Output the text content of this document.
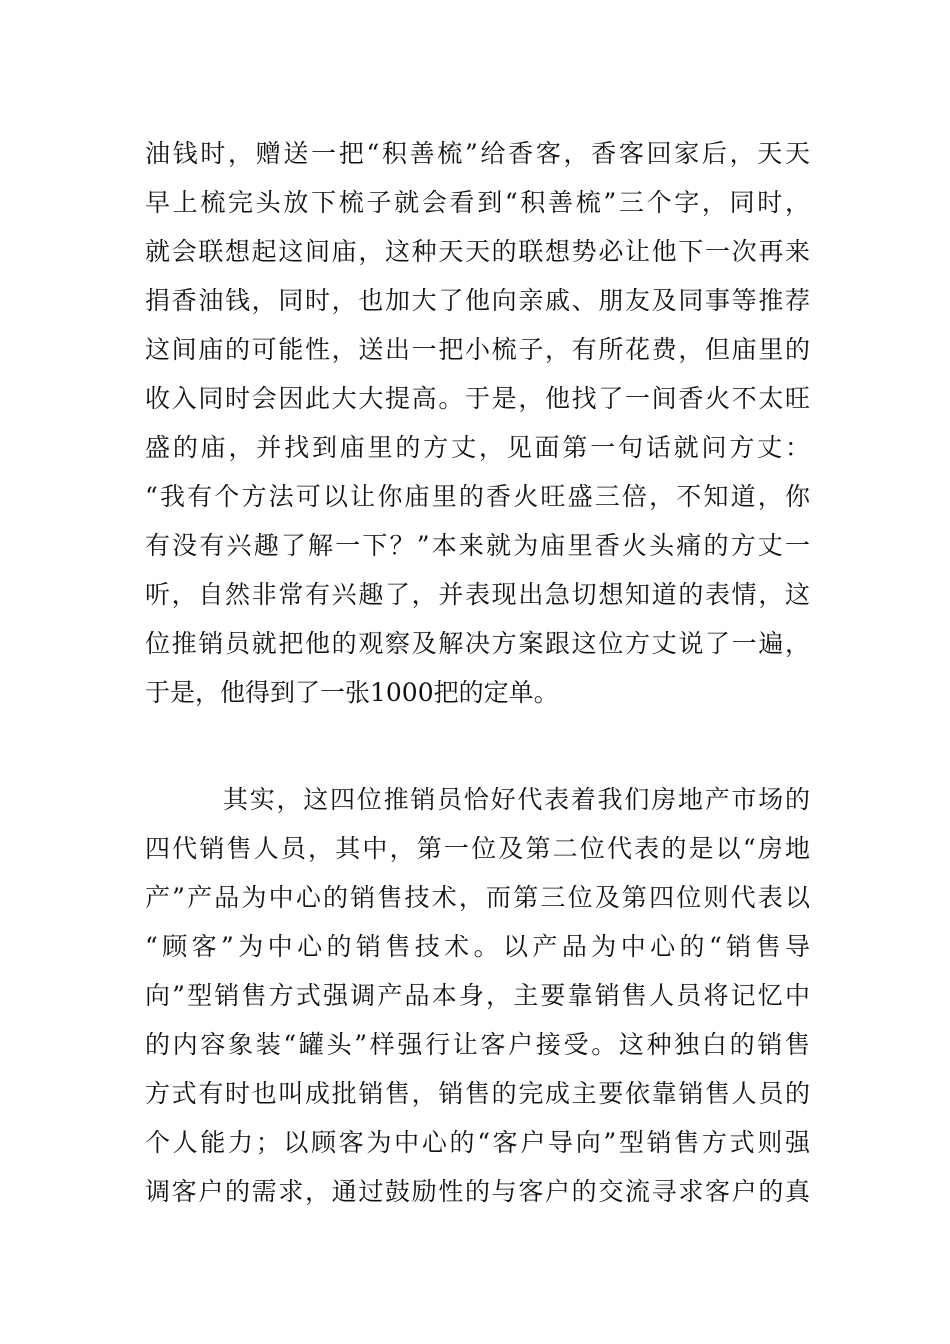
油钱时，赠送一把“积善梳”给香客，香客回家后，天天
早上梳完头放下梳子就会看到“积善梳”三个字，同时，
就会联想起这间庙，这种天天的联想势必让他下一次再来
捐香油钱，同时，也加大了他向亲戚、朋友及同事等推荐
这间庙的可能性，送出一把小梳子，有所花费，但庙里的
收入同时会因此大大提高。于是，他找了一间香火不太旺
盛的庙，并找到庙里的方丈，见面第一句话就问方丈：
“我有个方法可以让你庙里的香火旺盛三倍，不知道，你
有没有兴趣了解一下？”本来就为庙里香火头痛的方丈一
听，自然非常有兴趣了，并表现出急切想知道的表情，这
位推销员就把他的观察及解决方案跟这位方丈说了一遍，
于是，他得到了一张1000把的定单。
其实，这四位推销员恰好代表着我们房地产市场的
四代销售人员，其中，第一位及第二位代表的是以“房地
产”产品为中心的销售技术，而第三位及第四位则代表以
“顾客”为中心的销售技术。以产品为中心的“销售导
向”型销售方式强调产品本身，主要靠销售人员将记忆中
的内容象装“罐头”样强行让客户接受。这种独白的销售
方式有时也叫成批销售，销售的完成主要依靠销售人员的
个人能力；以顾客为中心的“客户导向”型销售方式则强
调客户的需求，通过鼓励性的与客户的交流寻求客户的真
